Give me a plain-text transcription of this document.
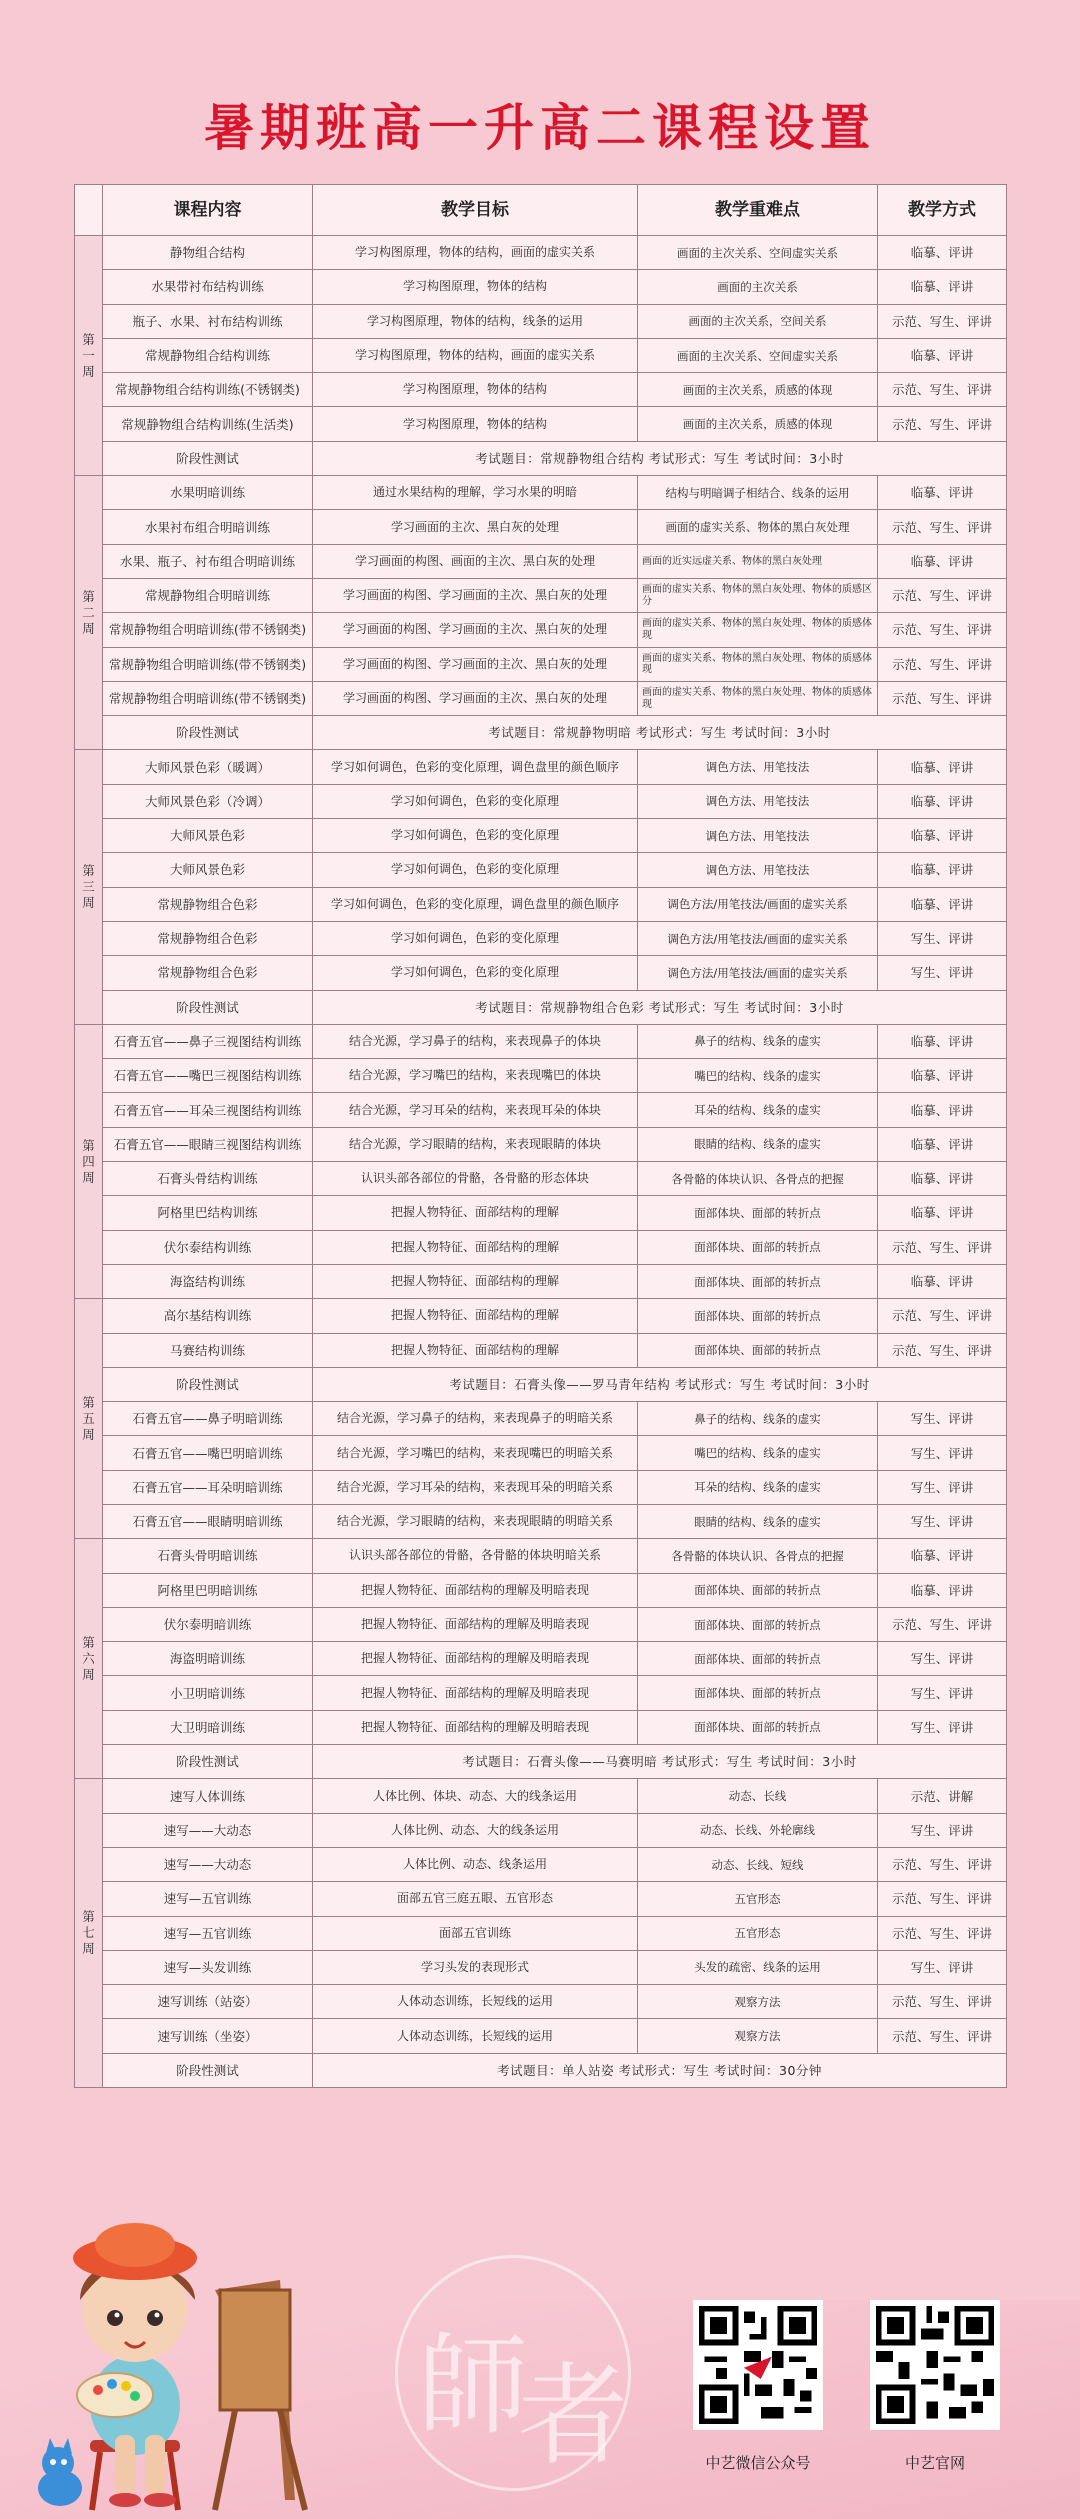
暑期班高一升高二课程设置
	课程内容	教学目标	教学重难点	教学方式
第一周	静物组合结构	学习构图原理，物体的结构，画面的虚实关系	画面的主次关系、空间虚实关系	临摹、评讲
	水果带衬布结构训练	学习构图原理，物体的结构	画面的主次关系	临摹、评讲
	瓶子、水果、衬布结构训练	学习构图原理，物体的结构，线条的运用	画面的主次关系，空间关系	示范、写生、评讲
	常规静物组合结构训练	学习构图原理，物体的结构，画面的虚实关系	画面的主次关系、空间虚实关系	临摹、评讲
	常规静物组合结构训练(不锈钢类)	学习构图原理，物体的结构	画面的主次关系，质感的体现	示范、写生、评讲
	常规静物组合结构训练(生活类)	学习构图原理，物体的结构	画面的主次关系，质感的体现	示范、写生、评讲
	阶段性测试	考试题目：常规静物组合结构 考试形式：写生 考试时间：3小时		
第二周	水果明暗训练	通过水果结构的理解，学习水果的明暗	结构与明暗调子相结合、线条的运用	临摹、评讲
	水果衬布组合明暗训练	学习画面的主次、黑白灰的处理	画面的虚实关系、物体的黑白灰处理	示范、写生、评讲
	水果、瓶子、衬布组合明暗训练	学习画面的构图、画面的主次、黑白灰的处理	画面的近实远虚关系、物体的黑白灰处理	临摹、评讲
	常规静物组合明暗训练	学习画面的构图、学习画面的主次、黑白灰的处理	画面的虚实关系、物体的黑白灰处理、物体的质感区分	示范、写生、评讲
	常规静物组合明暗训练(带不锈钢类)	学习画面的构图、学习画面的主次、黑白灰的处理	画面的虚实关系、物体的黑白灰处理、物体的质感体现	示范、写生、评讲
	常规静物组合明暗训练(带不锈钢类)	学习画面的构图、学习画面的主次、黑白灰的处理	画面的虚实关系、物体的黑白灰处理、物体的质感体现	示范、写生、评讲
	常规静物组合明暗训练(带不锈钢类)	学习画面的构图、学习画面的主次、黑白灰的处理	画面的虚实关系、物体的黑白灰处理、物体的质感体现	示范、写生、评讲
	阶段性测试	考试题目：常规静物明暗 考试形式：写生 考试时间：3小时		
第三周	大师风景色彩（暖调）	学习如何调色，色彩的变化原理，调色盘里的颜色顺序	调色方法、用笔技法	临摹、评讲
	大师风景色彩（冷调）	学习如何调色，色彩的变化原理	调色方法、用笔技法	临摹、评讲
	大师风景色彩	学习如何调色，色彩的变化原理	调色方法、用笔技法	临摹、评讲
	大师风景色彩	学习如何调色，色彩的变化原理	调色方法、用笔技法	临摹、评讲
	常规静物组合色彩	学习如何调色，色彩的变化原理，调色盘里的颜色顺序	调色方法/用笔技法/画面的虚实关系	临摹、评讲
	常规静物组合色彩	学习如何调色，色彩的变化原理	调色方法/用笔技法/画面的虚实关系	写生、评讲
	常规静物组合色彩	学习如何调色，色彩的变化原理	调色方法/用笔技法/画面的虚实关系	写生、评讲
	阶段性测试	考试题目：常规静物组合色彩 考试形式：写生 考试时间：3小时		
第四周	石膏五官——鼻子三视图结构训练	结合光源，学习鼻子的结构，来表现鼻子的体块	鼻子的结构、线条的虚实	临摹、评讲
	石膏五官——嘴巴三视图结构训练	结合光源，学习嘴巴的结构，来表现嘴巴的体块	嘴巴的结构、线条的虚实	临摹、评讲
	石膏五官——耳朵三视图结构训练	结合光源，学习耳朵的结构，来表现耳朵的体块	耳朵的结构、线条的虚实	临摹、评讲
	石膏五官——眼睛三视图结构训练	结合光源，学习眼睛的结构，来表现眼睛的体块	眼睛的结构、线条的虚实	临摹、评讲
	石膏头骨结构训练	认识头部各部位的骨骼，各骨骼的形态体块	各骨骼的体块认识、各骨点的把握	临摹、评讲
	阿格里巴结构训练	把握人物特征、面部结构的理解	面部体块、面部的转折点	临摹、评讲
	伏尔泰结构训练	把握人物特征、面部结构的理解	面部体块、面部的转折点	示范、写生、评讲
	海盗结构训练	把握人物特征、面部结构的理解	面部体块、面部的转折点	临摹、评讲
第五周	高尔基结构训练	把握人物特征、面部结构的理解	面部体块、面部的转折点	示范、写生、评讲
	马赛结构训练	把握人物特征、面部结构的理解	面部体块、面部的转折点	示范、写生、评讲
	阶段性测试	考试题目：石膏头像——罗马青年结构 考试形式：写生 考试时间：3小时		
	石膏五官——鼻子明暗训练	结合光源，学习鼻子的结构，来表现鼻子的明暗关系	鼻子的结构、线条的虚实	写生、评讲
	石膏五官——嘴巴明暗训练	结合光源，学习嘴巴的结构，来表现嘴巴的明暗关系	嘴巴的结构、线条的虚实	写生、评讲
	石膏五官——耳朵明暗训练	结合光源，学习耳朵的结构，来表现耳朵的明暗关系	耳朵的结构、线条的虚实	写生、评讲
	石膏五官——眼睛明暗训练	结合光源，学习眼睛的结构，来表现眼睛的明暗关系	眼睛的结构、线条的虚实	写生、评讲
第六周	石膏头骨明暗训练	认识头部各部位的骨骼，各骨骼的体块明暗关系	各骨骼的体块认识、各骨点的把握	临摹、评讲
	阿格里巴明暗训练	把握人物特征、面部结构的理解及明暗表现	面部体块、面部的转折点	临摹、评讲
	伏尔泰明暗训练	把握人物特征、面部结构的理解及明暗表现	面部体块、面部的转折点	示范、写生、评讲
	海盗明暗训练	把握人物特征、面部结构的理解及明暗表现	面部体块、面部的转折点	写生、评讲
	小卫明暗训练	把握人物特征、面部结构的理解及明暗表现	面部体块、面部的转折点	写生、评讲
	大卫明暗训练	把握人物特征、面部结构的理解及明暗表现	面部体块、面部的转折点	写生、评讲
	阶段性测试	考试题目：石膏头像——马赛明暗 考试形式：写生 考试时间：3小时		
第七周	速写人体训练	人体比例、体块、动态、大的线条运用	动态、长线	示范、讲解
	速写——大动态	人体比例、动态、大的线条运用	动态、长线、外轮廓线	写生、评讲
	速写——大动态	人体比例、动态、线条运用	动态、长线、短线	示范、写生、评讲
	速写—五官训练	面部五官三庭五眼、五官形态	五官形态	示范、写生、评讲
	速写—五官训练	面部五官训练	五官形态	示范、写生、评讲
	速写—头发训练	学习头发的表现形式	头发的疏密、线条的运用	写生、评讲
	速写训练（站姿）	人体动态训练，长短线的运用	观察方法	示范、写生、评讲
	速写训练（坐姿）	人体动态训练，长短线的运用	观察方法	示范、写生、评讲
	阶段性测试	考试题目：单人站姿 考试形式：写生 考试时间：30分钟		
師
者	中艺微信公众号	中艺官网
